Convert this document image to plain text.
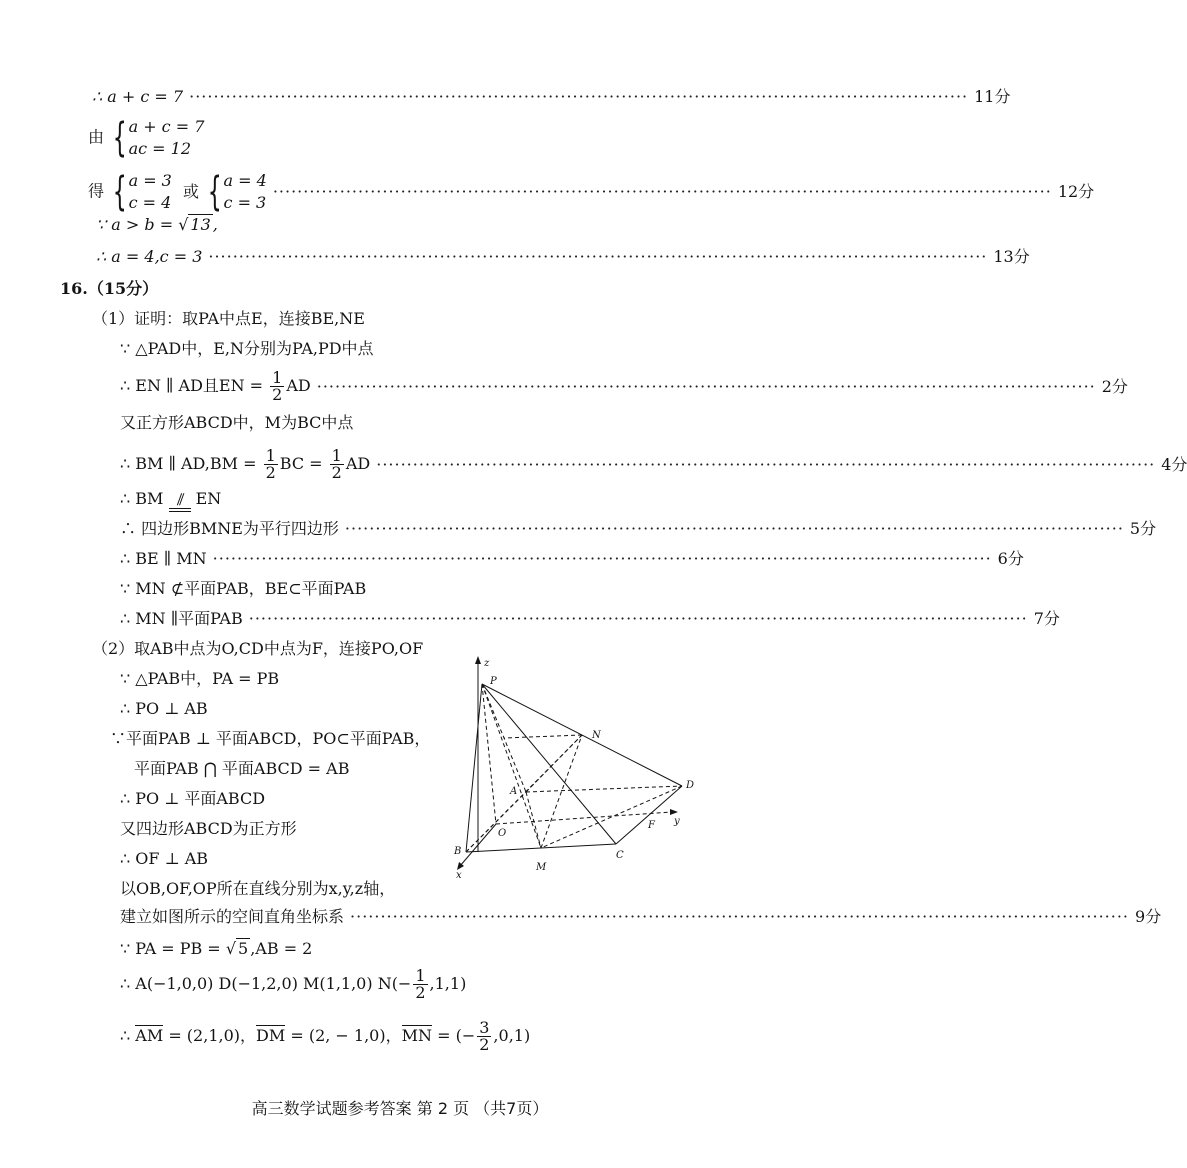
∴ a + c = 7 ································································································································ 11分
由 { a + c = 7
ac = 12
得 { a = 3
c = 4
或 { a = 4
c = 3
································································································································ 12分
∵ a > b = √ 13 ,
∴ a = 4,c = 3 ································································································································ 13分
16.（15分）
（1）证明：取PA中点E，连接BE,NE
∵ △PAD中，E,N分别为PA,PD中点
∴ EN ∥ AD且EN = $\frac{1}{2}$ AD ································································································································ 2分
又正方形ABCD中，M为BC中点
∴ BM ∥ $AD,BM = \frac{1}{2}$ BC = $\frac{1}{2}$ AD ································································································································ 4分
∴ BM ∥ EN
∴ 四边形BMNE为平行四边形 ································································································································ 5分
∴ BE ∥ MN ································································································································ 6分
∵ MN ⊄平面PAB，BE⊂平面PAB
∴ MN ∥平面PAB ································································································································ 7分
（2）取AB中点为O,CD中点为F，连接PO,OF
∵ △PAB中，PA = PB
∴ PO ⊥ AB
∵平面PAB ⊥ 平面ABCD，PO⊂平面PAB，
平面PAB ⋂ 平面ABCD = AB
∴ PO ⊥ 平面ABCD
又四边形ABCD为正方形
∴ OF ⊥ AB
以OB,OF,OP所在直线分别为x,y,z轴，
建立如图所示的空间直角坐标系 ································································································································ 9分
∵ PA = PB = √ 5 ,AB = 2
∴ A(−1,0,0) D(−1,2,0) M(1,1,0) $N(- \frac{1}{2} ,1,1)$
∴ AM = (2,1,0)，DM = (2, − 1,0)，MN = (− $\frac{3}{2} ,0,1$)
z
P
N
D
A
O
F y
B
M
C
x
高三数学试题参考答案 第 2 页 （共7页）
